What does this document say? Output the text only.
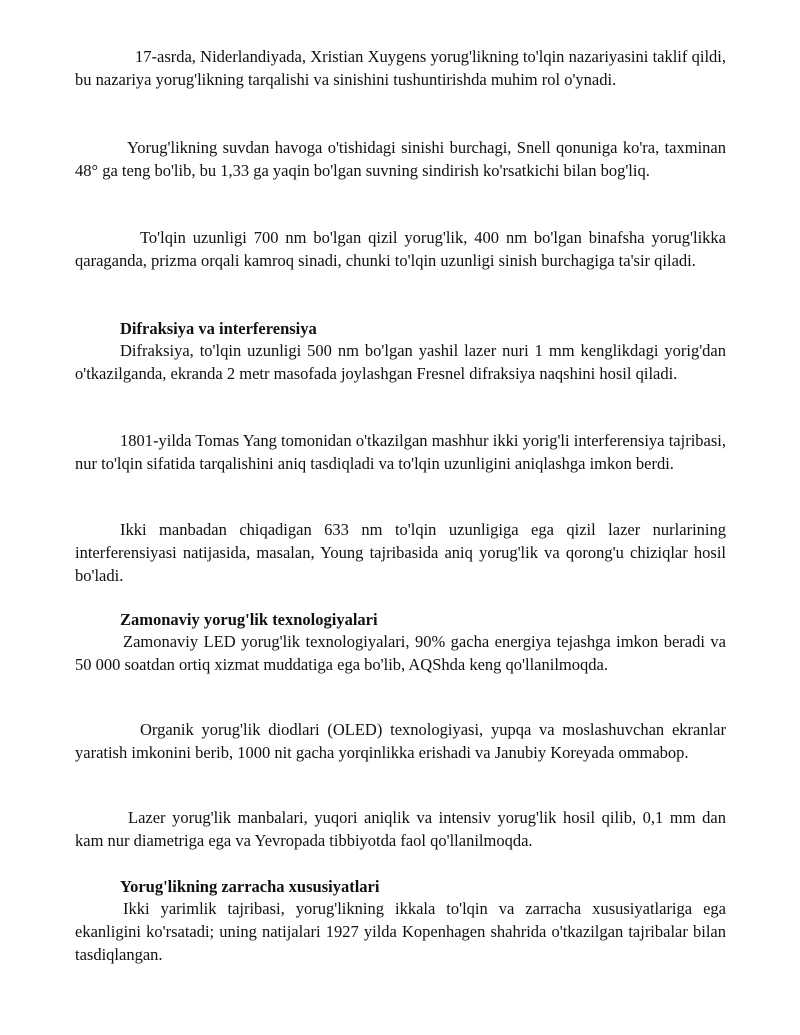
17-asrda, Niderlandiyada, Xristian Xuygens yorug'likning to'lqin nazariyasini taklif qildi, bu nazariya yorug'likning tarqalishi va sinishini tushuntirishda muhim rol o'ynadi.

Yorug'likning suvdan havoga o'tishidagi sinishi burchagi, Snell qonuniga ko'ra, taxminan 48° ga teng bo'lib, bu 1,33 ga yaqin bo'lgan suvning sindirish ko'rsatkichi bilan bog'liq.

To'lqin uzunligi 700 nm bo'lgan qizil yorug'lik, 400 nm bo'lgan binafsha yorug'likka qaraganda, prizma orqali kamroq sinadi, chunki to'lqin uzunligi sinish burchagiga ta'sir qiladi.

Difraksiya va interferensiya

Difraksiya, to'lqin uzunligi 500 nm bo'lgan yashil lazer nuri 1 mm kenglikdagi yorig'dan o'tkazilganda, ekranda 2 metr masofada joylashgan Fresnel difraksiya naqshini hosil qiladi.

1801-yilda Tomas Yang tomonidan o'tkazilgan mashhur ikki yorig'li interferensiya tajribasi, nur to'lqin sifatida tarqalishini aniq tasdiqladi va to'lqin uzunligini aniqlashga imkon berdi.

Ikki manbadan chiqadigan 633 nm to'lqin uzunligiga ega qizil lazer nurlarining interferensiyasi natijasida, masalan, Young tajribasida aniq yorug'lik va qorong'u chiziqlar hosil bo'ladi.

Zamonaviy yorug'lik texnologiyalari

Zamonaviy LED yorug'lik texnologiyalari, 90% gacha energiya tejashga imkon beradi va 50 000 soatdan ortiq xizmat muddatiga ega bo'lib, AQShda keng qo'llanilmoqda.

Organik yorug'lik diodlari (OLED) texnologiyasi, yupqa va moslashuvchan ekranlar yaratish imkonini berib, 1000 nit gacha yorqinlikka erishadi va Janubiy Koreyada ommabop.

Lazer yorug'lik manbalari, yuqori aniqlik va intensiv yorug'lik hosil qilib, 0,1 mm dan kam nur diametriga ega va Yevropada tibbiyotda faol qo'llanilmoqda.

Yorug'likning zarracha xususiyatlari

Ikki yarimlik tajribasi, yorug'likning ikkala to'lqin va zarracha xususiyatlariga ega ekanligini ko'rsatadi; uning natijalari 1927 yilda Kopenhagen shahrida o'tkazilgan tajribalar bilan tasdiqlangan.
